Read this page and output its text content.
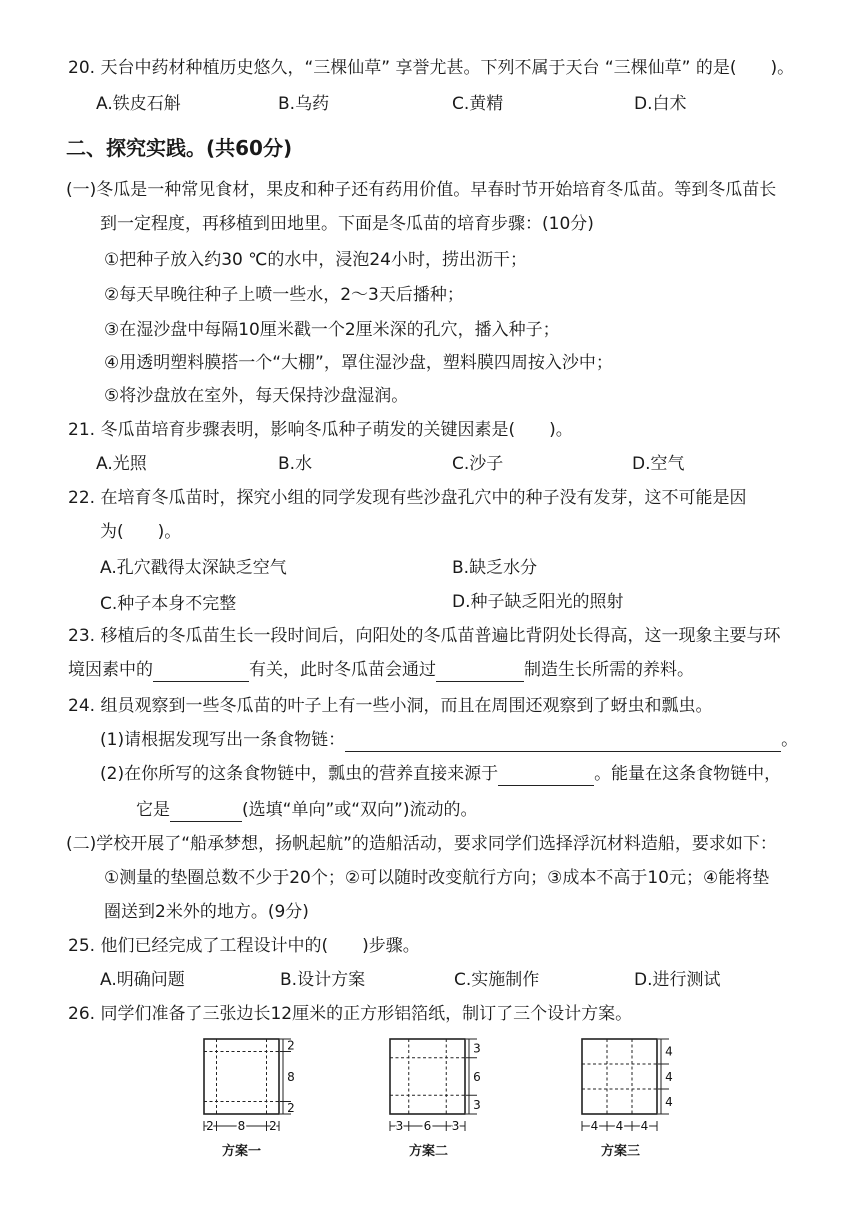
20. 天台中药材种植历史悠久，“三棵仙草” 享誉尤甚。下列不属于天台 “三棵仙草” 的是(　　)。
A.铁皮石斛	B.乌药	C.黄精	D.白术
二、探究实践。(共60分)
(一)冬瓜是一种常见食材，果皮和种子还有药用价值。早春时节开始培育冬瓜苗。等到冬瓜苗长
到一定程度，再移植到田地里。下面是冬瓜苗的培育步骤：(10分)
①把种子放入约30 ℃的水中，浸泡24小时，捞出沥干；
②每天早晚往种子上喷一些水，2～3天后播种；
③在湿沙盘中每隔10厘米戳一个2厘米深的孔穴，播入种子；
④用透明塑料膜搭一个“大棚”，罩住湿沙盘，塑料膜四周按入沙中；
⑤将沙盘放在室外，每天保持沙盘湿润。
21. 冬瓜苗培育步骤表明，影响冬瓜种子萌发的关键因素是(　　)。
A.光照	B.水	C.沙子	D.空气
22. 在培育冬瓜苗时，探究小组的同学发现有些沙盘孔穴中的种子没有发芽，这不可能是因
为(　　)。
A.孔穴戳得太深缺乏空气	B.缺乏水分
C.种子本身不完整	D.种子缺乏阳光的照射
23. 移植后的冬瓜苗生长一段时间后，向阳处的冬瓜苗普遍比背阴处长得高，这一现象主要与环
境因素中的	有关，此时冬瓜苗会通过	制造生长所需的养料。
24. 组员观察到一些冬瓜苗的叶子上有一些小洞，而且在周围还观察到了蚜虫和瓢虫。
(1)请根据发现写出一条食物链：	。
(2)在你所写的这条食物链中，瓢虫的营养直接来源于	。能量在这条食物链中，
它是	(选填“单向”或“双向”)流动的。
(二)学校开展了“船承梦想，扬帆起航”的造船活动，要求同学们选择浮沉材料造船，要求如下：
①测量的垫圈总数不少于20个；②可以随时改变航行方向；③成本不高于10元；④能将垫
圈送到2米外的地方。(9分)
25. 他们已经完成了工程设计中的(　　)步骤。
A.明确问题	B.设计方案	C.实施制作	D.进行测试
26. 同学们准备了三张边长12厘米的正方形铝箔纸，制订了三个设计方案。
2
8
2
2 8 2
方案一
3
6
3
3 6 3
方案二
4
4
4
4 4 4
方案三
